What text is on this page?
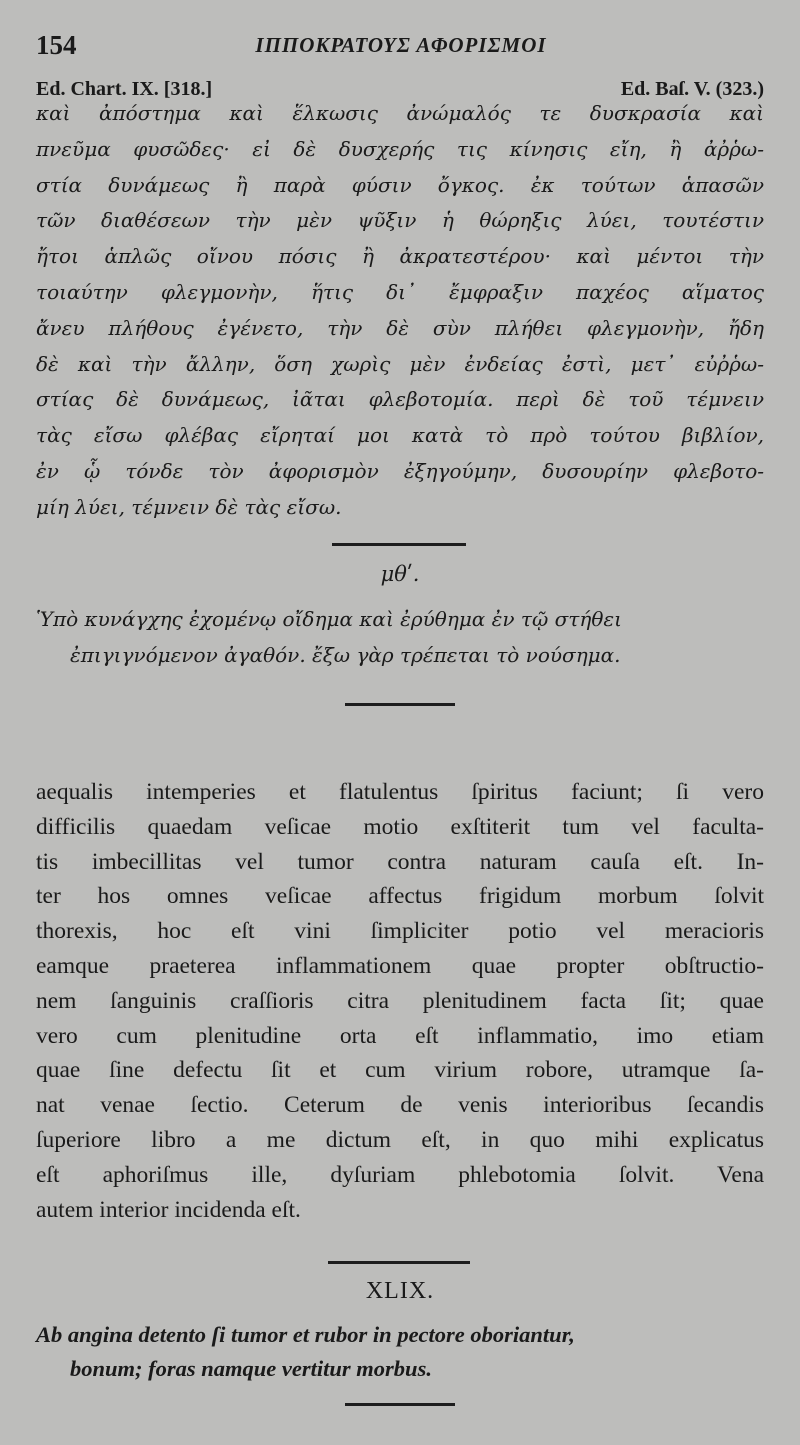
154	ΙΠΠΟΚΡΑΤΟΥΣ ΑΦΟΡΙΣΜΟΙ
Ed. Chart. IX. [318.]	Ed. Baſ. V. (323.)
καὶ ἀπόστημα καὶ ἕλκωσις ἀνώμαλός τε δυσκρασία καὶ
πνεῦμα φυσῶδες· εἰ δὲ δυσχερής τις κίνησις εἴη, ἢ ἀῤῥω-
στία δυνάμεως ἢ παρὰ φύσιν ὄγκος. ἐκ τούτων ἁπασῶν
τῶν διαθέσεων τὴν μὲν ψῦξιν ἡ θώρηξις λύει, τουτέστιν
ἤτοι ἁπλῶς οἴνου πόσις ἢ ἀκρατεστέρου· καὶ μέντοι τὴν
τοιαύτην φλεγμονὴν, ἥτις δι᾽ ἔμφραξιν παχέος αἵματος
ἄνευ πλήθους ἐγένετο, τὴν δὲ σὺν πλήθει φλεγμονὴν, ἤδη
δὲ καὶ τὴν ἄλλην, ὅση χωρὶς μὲν ἐνδείας ἐστὶ, μετ᾽ εὐῤῥω-
στίας δὲ δυνάμεως, ἰᾶται φλεβοτομία. περὶ δὲ τοῦ τέμνειν
τὰς εἴσω φλέβας εἴρηταί μοι κατὰ τὸ πρὸ τούτου βιβλίον,
ἐν ᾧ τόνδε τὸν ἀφορισμὸν ἐξηγούμην, δυσουρίην φλεβοτο-
μίη λύει, τέμνειν δὲ τὰς εἴσω.
μθʹ.
Ὑπὸ κυνάγχης ἐχομένῳ οἴδημα καὶ ἐρύθημα ἐν τῷ στήθει
ἐπιγιγνόμενον ἀγαθόν. ἔξω γὰρ τρέπεται τὸ νούσημα.
aequalis intemperies et flatulentus ſpiritus faciunt; ſi vero
difficilis quaedam veſicae motio exſtiterit tum vel faculta-
tis imbecillitas vel tumor contra naturam cauſa eſt. In-
ter hos omnes veſicae affectus frigidum morbum ſolvit
thorexis, hoc eſt vini ſimpliciter potio vel meracioris
eamque praeterea inflammationem quae propter obſtructio-
nem ſanguinis craſſioris citra plenitudinem facta ſit; quae
vero cum plenitudine orta eſt inflammatio, imo etiam
quae ſine defectu ſit et cum virium robore, utramque ſa-
nat venae ſectio. Ceterum de venis interioribus ſecandis
ſuperiore libro a me dictum eſt, in quo mihi explicatus
eſt aphoriſmus ille, dyſuriam phlebotomia ſolvit. Vena
autem interior incidenda eſt.
XLIX.
Ab angina detento ſi tumor et rubor in pectore oboriantur,
bonum; foras namque vertitur morbus.
